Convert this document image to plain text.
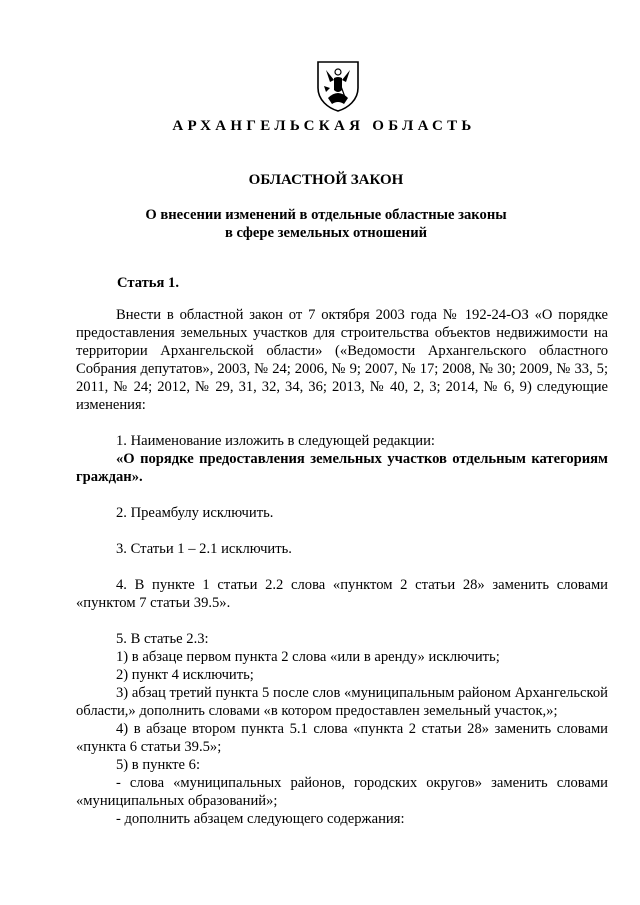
АРХАНГЕЛЬСКАЯ ОБЛАСТЬ
ОБЛАСТНОЙ ЗАКОН
О внесении изменений в отдельные областные законы
в сфере земельных отношений
Статья 1.

Внести в областной закон от 7 октября 2003 года № 192-24-ОЗ «О порядке предоставления земельных участков для строительства объектов недвижимости на территории Архангельской области» («Ведомости Архангельского областного Собрания депутатов», 2003, № 24; 2006, № 9; 2007, № 17; 2008, № 30; 2009, № 33, 5; 2011, № 24; 2012, № 29, 31, 32, 34, 36; 2013, № 40, 2, 3; 2014, № 6, 9) следующие изменения:

1. Наименование изложить в следующей редакции:

«О порядке предоставления земельных участков отдельным категориям граждан».

2. Преамбулу исключить.

3. Статьи 1 – 2.1 исключить.

4. В пункте 1 статьи 2.2 слова «пунктом 2 статьи 28» заменить словами «пунктом 7 статьи 39.5».

5. В статье 2.3:

1) в абзаце первом пункта 2 слова «или в аренду» исключить;

2) пункт 4 исключить;

3) абзац третий пункта 5 после слов «муниципальным районом Архангельской области,» дополнить словами «в котором предоставлен земельный участок,»;

4) в абзаце втором пункта 5.1 слова «пункта 2 статьи 28» заменить словами «пункта 6 статьи 39.5»;

5) в пункте 6:

- слова «муниципальных районов, городских округов» заменить словами «муниципальных образований»;

- дополнить абзацем следующего содержания:
